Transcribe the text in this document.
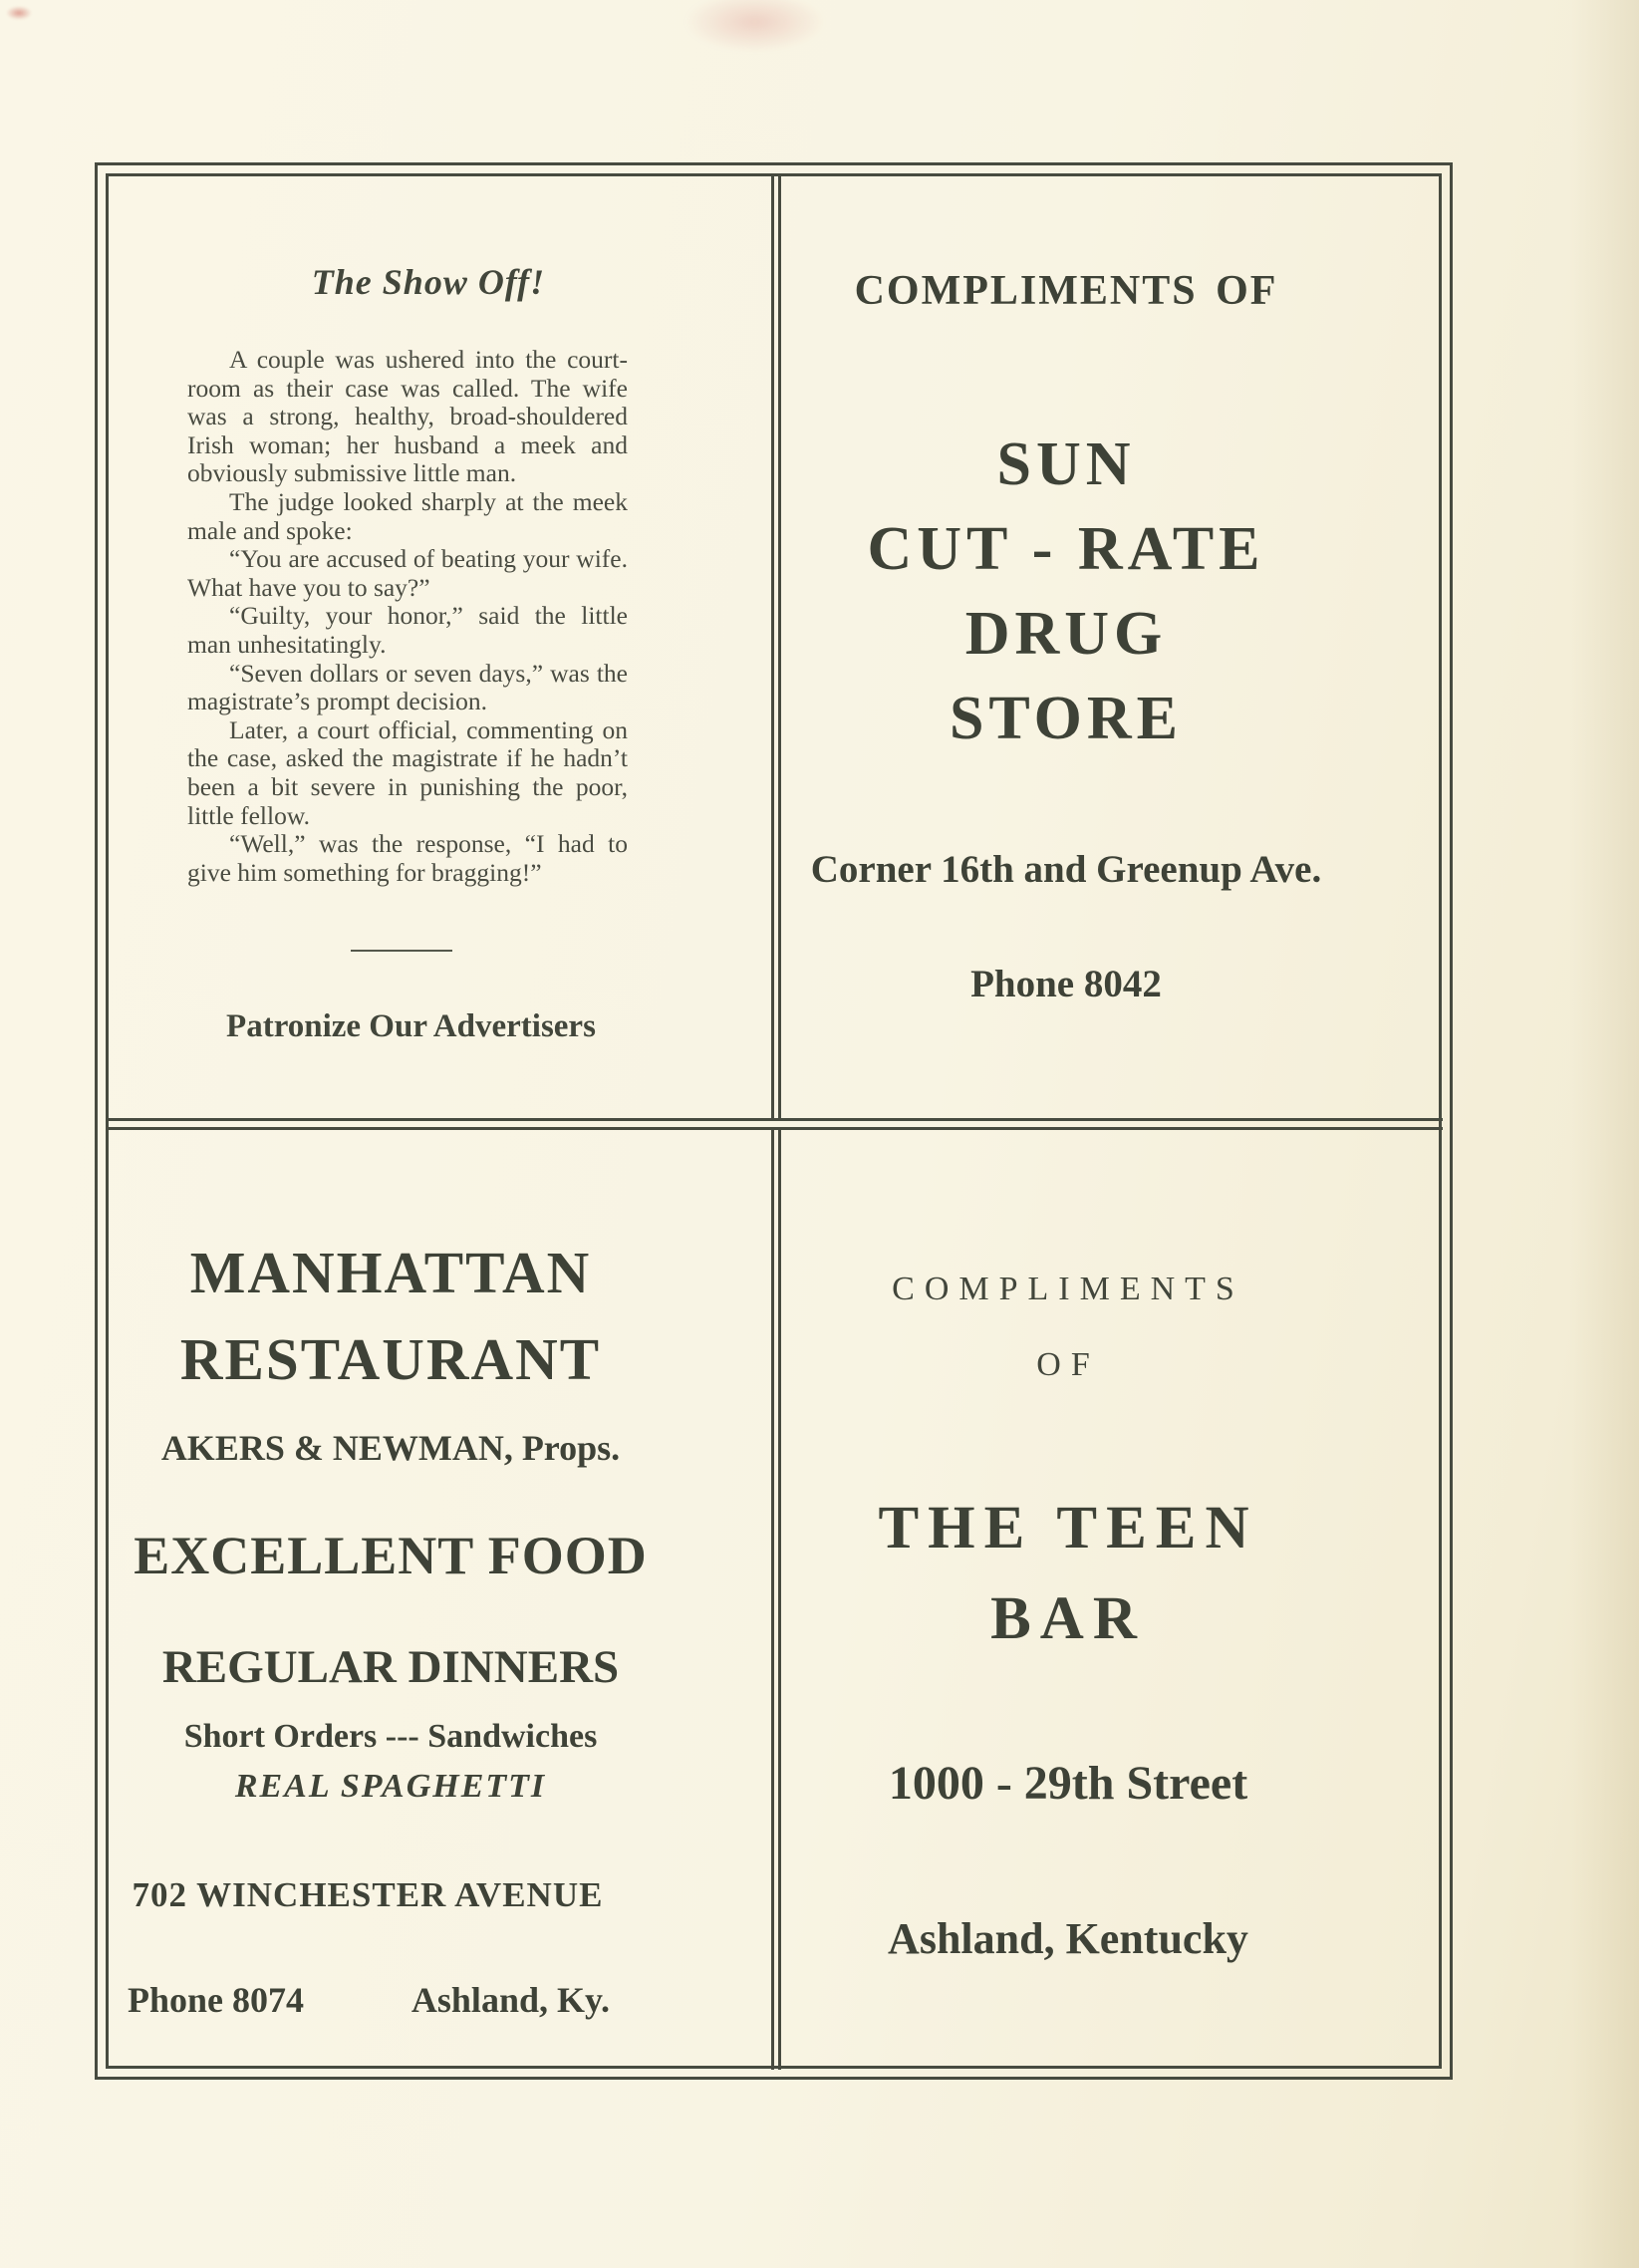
The Show Off!

A couple was ushered into the court-room as their case was called. The wife was a strong, healthy, broad-shouldered Irish woman; her husband a meek and obviously submissive little man.

The judge looked sharply at the meek male and spoke:

“You are accused of beating your wife. What have you to say?”

“Guilty, your honor,” said the little man unhesitatingly.

“Seven dollars or seven days,” was the magistrate’s prompt decision.

Later, a court official, commenting on the case, asked the magistrate if he hadn’t been a bit severe in punishing the poor, little fellow.

“Well,” was the response, “I had to give him something for bragging!”

Patronize Our Advertisers
COMPLIMENTS OF
SUN
CUT - RATE
DRUG
STORE
Corner 16th and Greenup Ave.
Phone 8042
MANHATTAN
RESTAURANT
AKERS & NEWMAN, Props.
EXCELLENT FOOD
REGULAR DINNERS
Short Orders --- Sandwiches
REAL SPAGHETTI
702 WINCHESTER AVENUE
Phone 8074	Ashland, Ky.
COMPLIMENTS
OF
THE TEEN
BAR
1000 - 29th Street
Ashland, Kentucky
